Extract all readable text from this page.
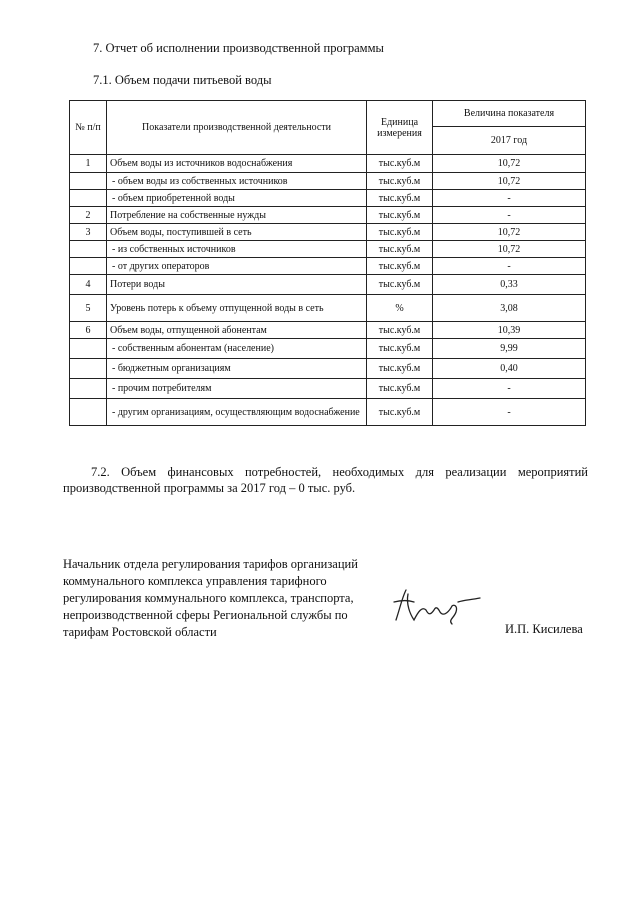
7. Отчет об исполнении производственной программы
7.1. Объем подачи питьевой воды
№ п/п	Показатели производственной деятельности	Единица измерения	Величина показателя
			2017 год
1	Объем воды из источников водоснабжения	тыс.куб.м	10,72
	- объем воды из собственных источников	тыс.куб.м	10,72
	- объем приобретенной воды	тыс.куб.м	-
2	Потребление на собственные нужды	тыс.куб.м	-
3	Объем воды, поступившей в сеть	тыс.куб.м	10,72
	- из собственных источников	тыс.куб.м	10,72
	- от других операторов	тыс.куб.м	-
4	Потери воды	тыс.куб.м	0,33
5	Уровень потерь к объему отпущенной воды в сеть	%	3,08
6	Объем воды, отпущенной абонентам	тыс.куб.м	10,39
	- собственным абонентам (население)	тыс.куб.м	9,99
	- бюджетным организациям	тыс.куб.м	0,40
	- прочим потребителям	тыс.куб.м	-
	- другим организациям, осуществляющим водоснабжение	тыс.куб.м	-
7.2. Объем финансовых потребностей, необходимых для реализации мероприятий производственной программы за 2017 год – 0 тыс. руб.
Начальник отдела регулирования тарифов организаций
коммунального комплекса управления тарифного
регулирования коммунального комплекса, транспорта,
непроизводственной сферы Региональной службы по
тарифам Ростовской области	И.П. Кисилева
